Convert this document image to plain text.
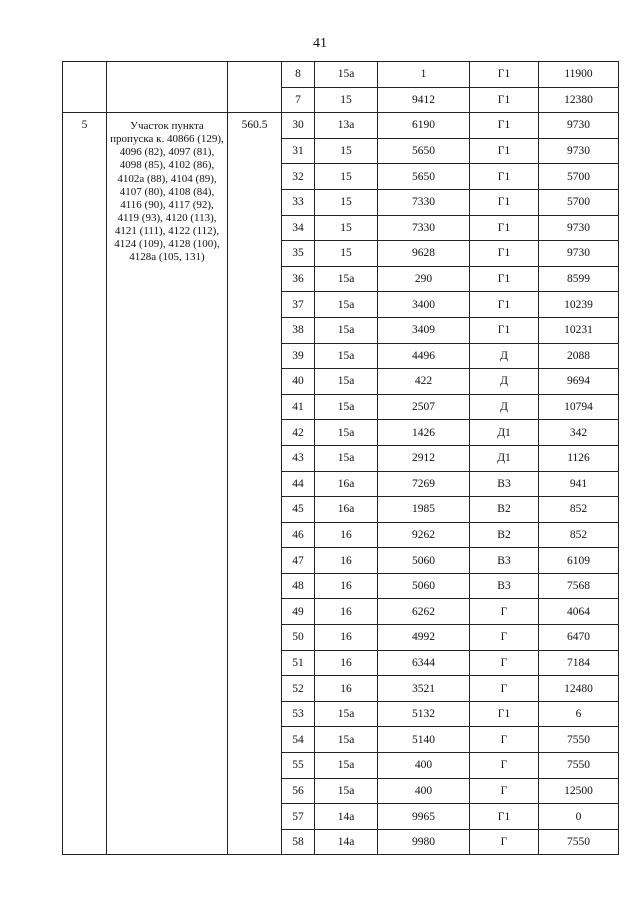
41
			8	15а	1	Г1	11900
			7	15	9412	Г1	12380
5	Участок пункта пропуска к. 40866 (129), 4096 (82), 4097 (81), 4098 (85), 4102 (86), 4102а (88), 4104 (89), 4107 (80), 4108 (84), 4116 (90), 4117 (92), 4119 (93), 4120 (113), 4121 (111), 4122 (112), 4124 (109), 4128 (100), 4128а (105, 131)	560.5	30	13а	6190	Г1	9730
			31	15	5650	Г1	9730
			32	15	5650	Г1	5700
			33	15	7330	Г1	5700
			34	15	7330	Г1	9730
			35	15	9628	Г1	9730
			36	15а	290	Г1	8599
			37	15а	3400	Г1	10239
			38	15а	3409	Г1	10231
			39	15а	4496	Д	2088
			40	15а	422	Д	9694
			41	15а	2507	Д	10794
			42	15а	1426	Д1	342
			43	15а	2912	Д1	1126
			44	16а	7269	В3	941
			45	16а	1985	В2	852
			46	16	9262	В2	852
			47	16	5060	В3	6109
			48	16	5060	В3	7568
			49	16	6262	Г	4064
			50	16	4992	Г	6470
			51	16	6344	Г	7184
			52	16	3521	Г	12480
			53	15а	5132	Г1	6
			54	15а	5140	Г	7550
			55	15а	400	Г	7550
			56	15а	400	Г	12500
			57	14а	9965	Г1	0
			58	14а	9980	Г	7550
